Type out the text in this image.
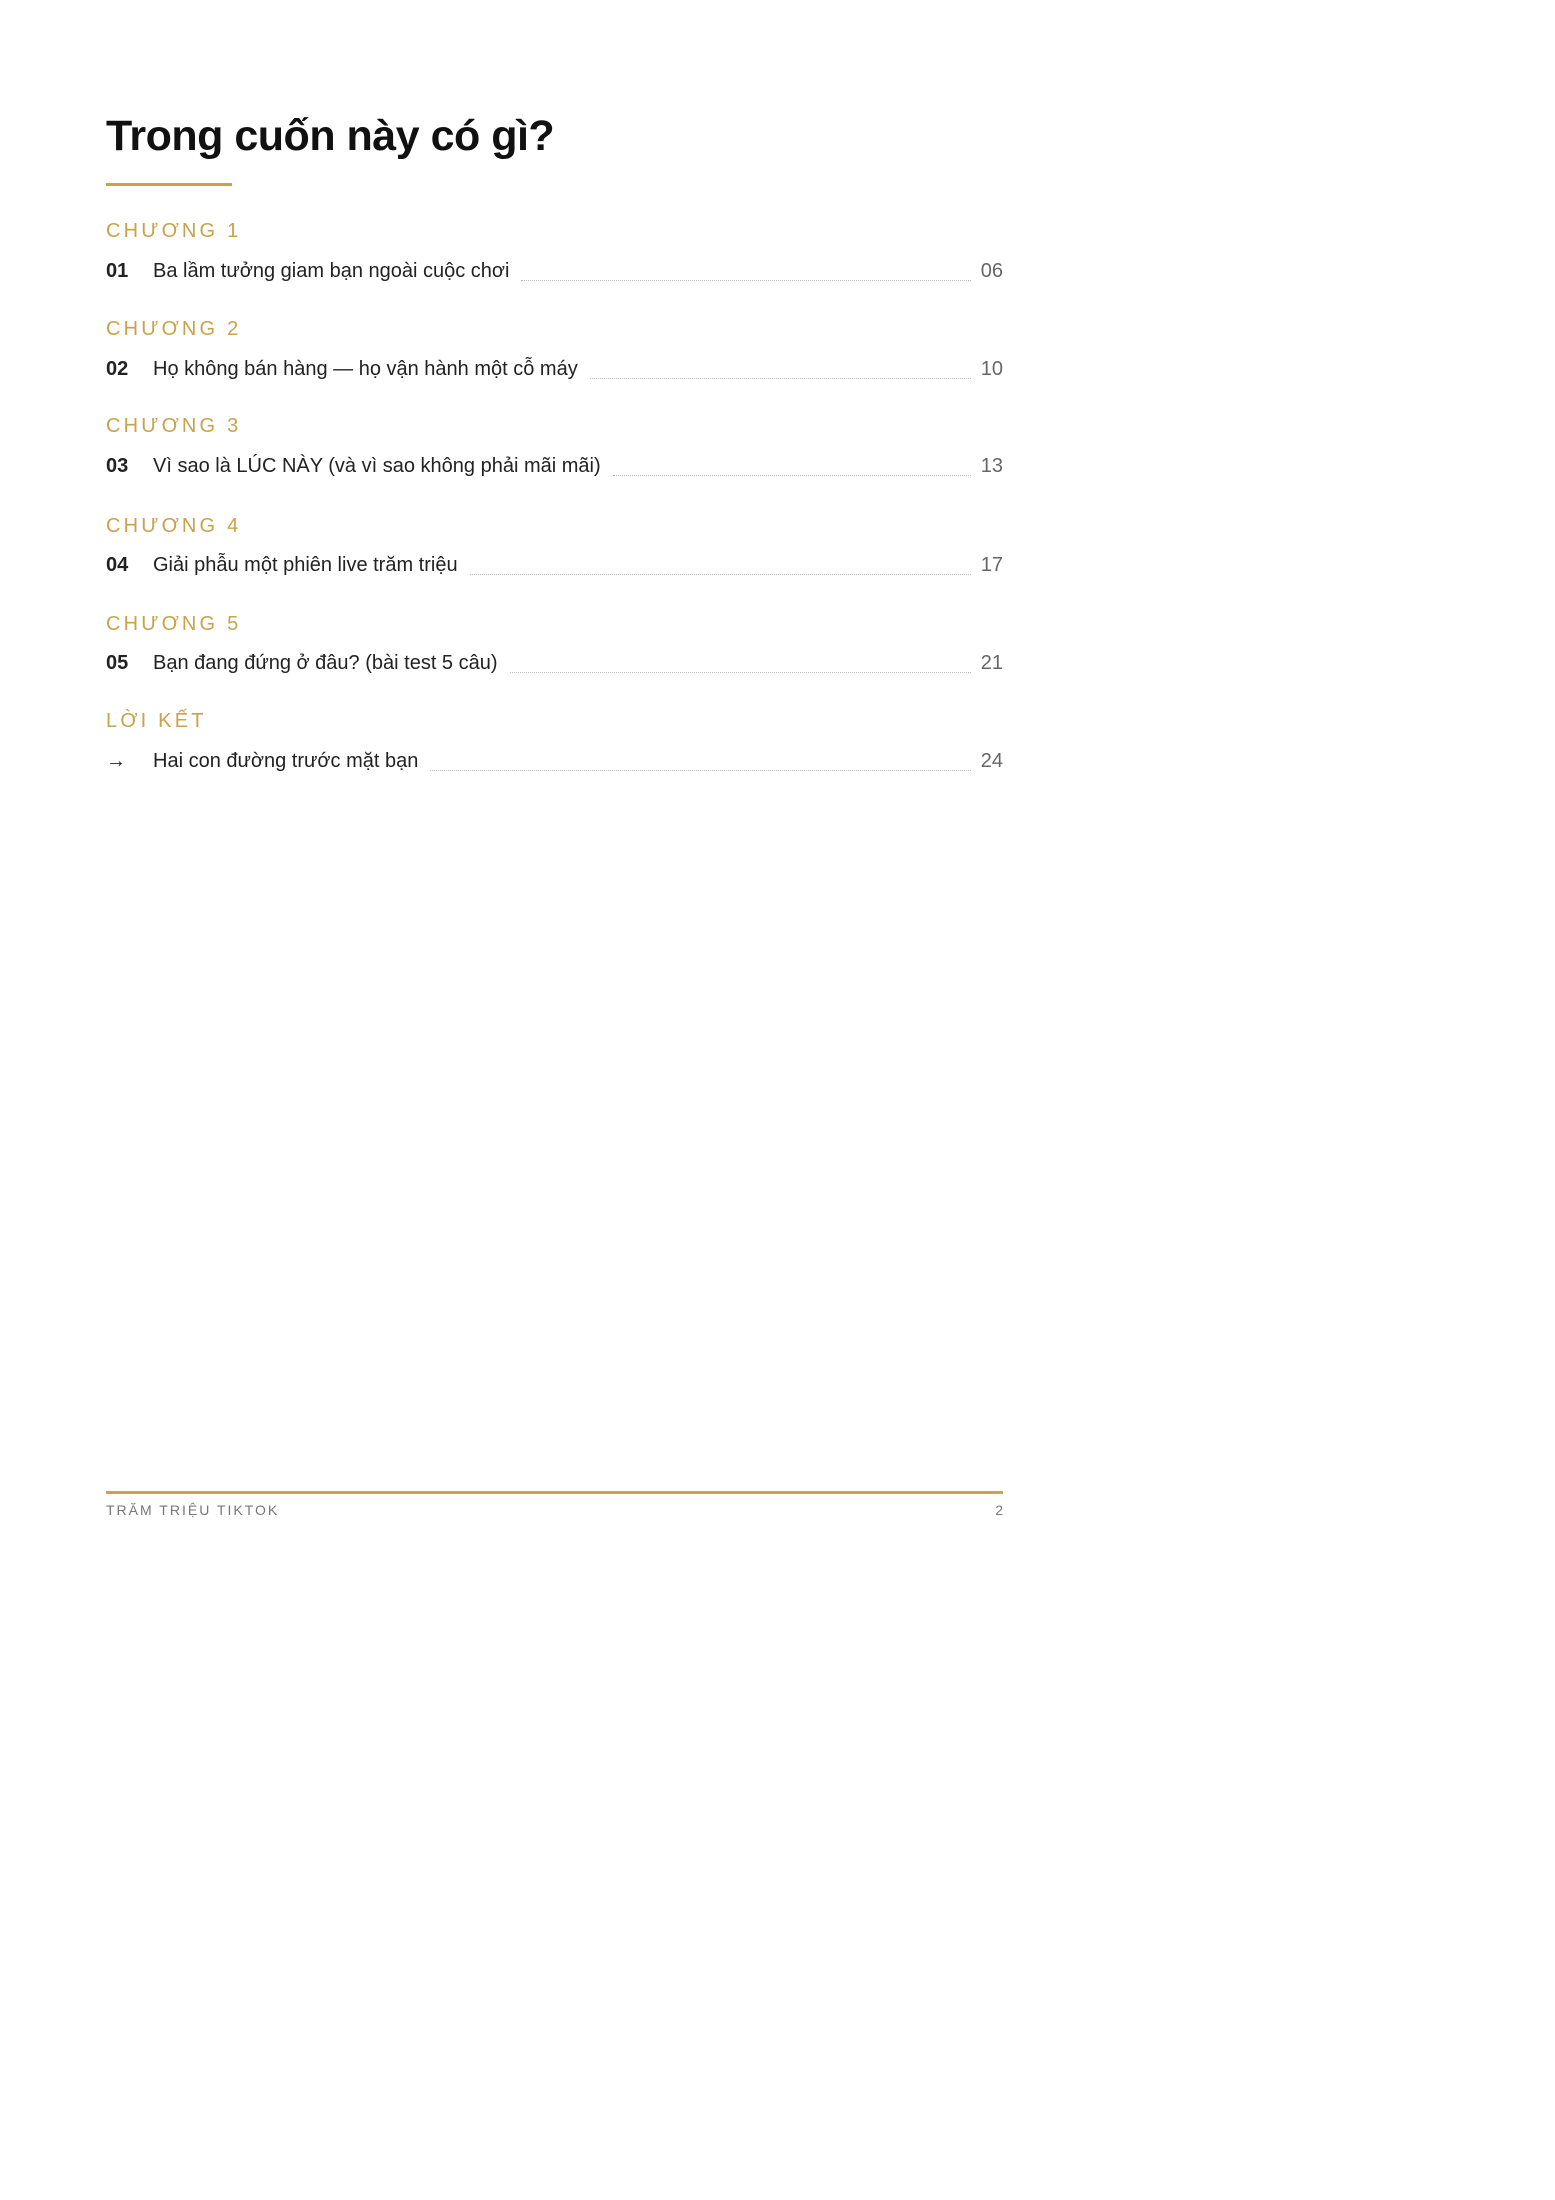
Trong cuốn này có gì?
CHƯƠNG 1
01	Ba lầm tưởng giam bạn ngoài cuộc chơi	06
CHƯƠNG 2
02	Họ không bán hàng — họ vận hành một cỗ máy	10
CHƯƠNG 3
03	Vì sao là LÚC NÀY (và vì sao không phải mãi mãi)	13
CHƯƠNG 4
04	Giải phẫu một phiên live trăm triệu	17
CHƯƠNG 5
05	Bạn đang đứng ở đâu? (bài test 5 câu)	21
LỜI KẾT
→	Hai con đường trước mặt bạn	24
TRĂM TRIỆU TIKTOK	2
